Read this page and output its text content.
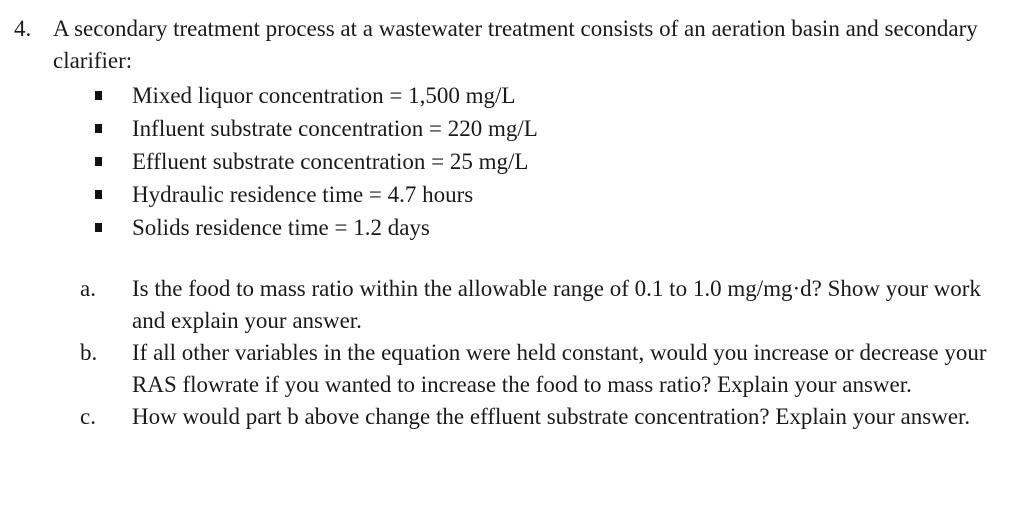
4. A secondary treatment process at a wastewater treatment consists of an aeration basin and secondary clarifier:
Mixed liquor concentration = 1,500 mg/L
Influent substrate concentration = 220 mg/L
Effluent substrate concentration = 25 mg/L
Hydraulic residence time = 4.7 hours
Solids residence time = 1.2 days
a.	Is the food to mass ratio within the allowable range of 0.1 to 1.0 mg/mg·d? Show your work and explain your answer.
b.	If all other variables in the equation were held constant, would you increase or decrease your RAS flowrate if you wanted to increase the food to mass ratio? Explain your answer.
c.	How would part b above change the effluent substrate concentration? Explain your answer.
